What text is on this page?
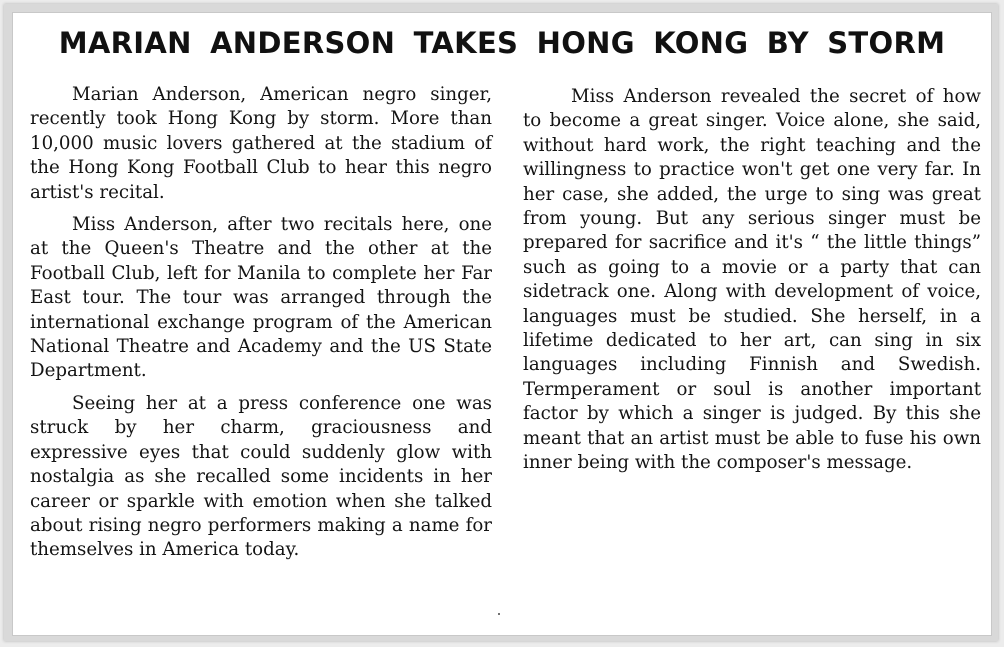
MARIAN ANDERSON TAKES HONG KONG BY STORM

Marian Anderson, American negro singer, recently took Hong Kong by storm. More than 10,000 music lovers gathered at the stadium of the Hong Kong Football Club to hear this negro artist's recital.

Miss Anderson, after two recitals here, one at the Queen's Theatre and the other at the Football Club, left for Manila to complete her Far East tour. The tour was arranged through the international exchange program of the American National Theatre and Academy and the US State Department.

Seeing her at a press conference one was struck by her charm, graciousness and expressive eyes that could suddenly glow with nostalgia as she recalled some incidents in her career or sparkle with emotion when she talked about rising negro performers making a name for themselves in America today.

Miss Anderson revealed the secret of how to become a great singer. Voice alone, she said, without hard work, the right teaching and the willingness to practice won't get one very far. In her case, she added, the urge to sing was great from young. But any serious singer must be prepared for sacrifice and it's “ the little things” such as going to a movie or a party that can sidetrack one. Along with development of voice, languages must be studied. She herself, in a lifetime dedicated to her art, can sing in six languages including Finnish and Swedish. Termperament or soul is another important factor by which a singer is judged. By this she meant that an artist must be able to fuse his own inner being with the composer's message.
